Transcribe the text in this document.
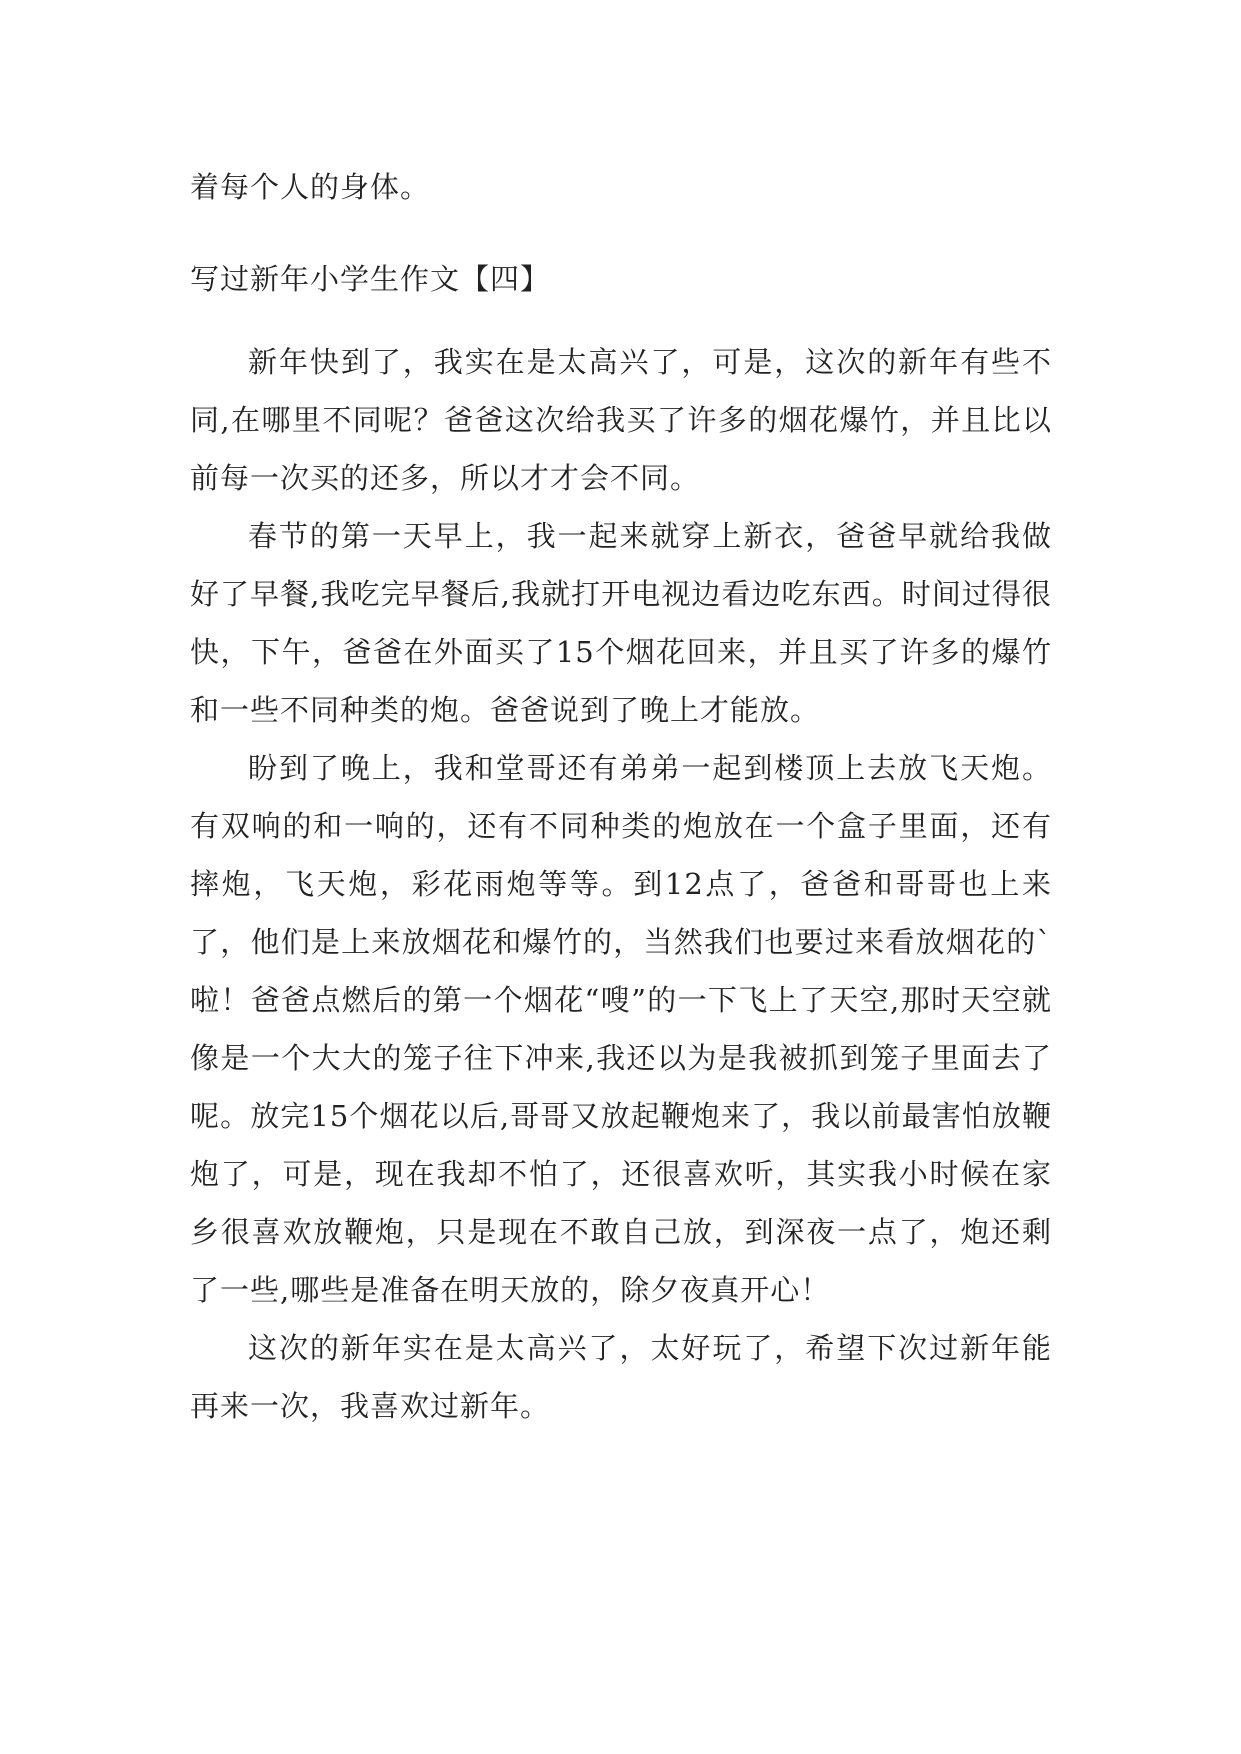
着每个人的身体。
写过新年小学生作文【四】

新年快到了，我实在是太高兴了，可是，这次的新年有些不同,在哪里不同呢？爸爸这次给我买了许多的烟花爆竹，并且比以前每一次买的还多，所以才才会不同。

春节的第一天早上，我一起来就穿上新衣，爸爸早就给我做好了早餐,我吃完早餐后,我就打开电视边看边吃东西。时间过得很快，下午，爸爸在外面买了15个烟花回来，并且买了许多的爆竹和一些不同种类的炮。爸爸说到了晚上才能放。

盼到了晚上，我和堂哥还有弟弟一起到楼顶上去放飞天炮。有双响的和一响的，还有不同种类的炮放在一个盒子里面，还有摔炮，飞天炮，彩花雨炮等等。到12点了，爸爸和哥哥也上来了，他们是上来放烟花和爆竹的，当然我们也要过来看放烟花的`啦！爸爸点燃后的第一个烟花“嗖”的一下飞上了天空,那时天空就像是一个大大的笼子往下冲来,我还以为是我被抓到笼子里面去了呢。放完15个烟花以后,哥哥又放起鞭炮来了，我以前最害怕放鞭炮了，可是，现在我却不怕了，还很喜欢听，其实我小时候在家乡很喜欢放鞭炮，只是现在不敢自己放，到深夜一点了，炮还剩了一些,哪些是准备在明天放的，除夕夜真开心！

这次的新年实在是太高兴了，太好玩了，希望下次过新年能再来一次，我喜欢过新年。
